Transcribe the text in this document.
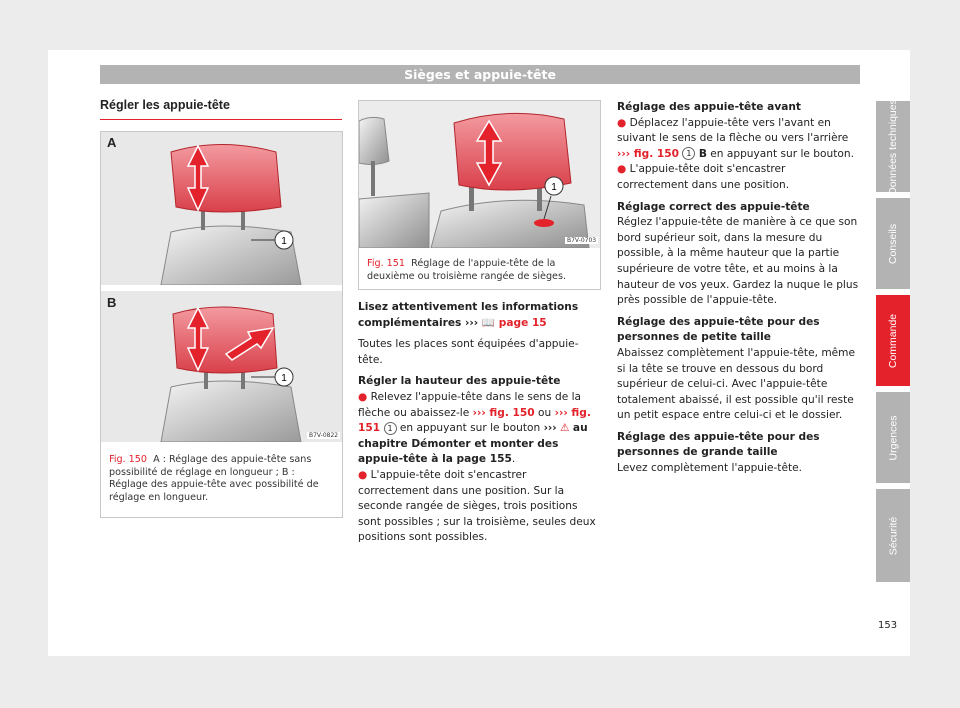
Sièges et appuie-tête
Données techniques
Conseils
Commande
Urgences
Sécurité
Régler les appuie-tête
1
1
A
B
B7V-0822
Fig. 150 A : Réglage des appuie-tête sans possibilité de réglage en longueur ; B : Réglage des appuie-tête avec possibilité de réglage en longueur.
1
B7V-0703
Fig. 151 Réglage de l'appuie-tête de la deuxième ou troisième rangée de sièges.

Lisez attentivement les informations complémentaires ››› 📖 page 15

Toutes les places sont équipées d'appuie-tête.

Régler la hauteur des appuie-tête

● Relevez l'appuie-tête dans le sens de la flèche ou abaissez-le ››› fig. 150 ou ››› fig. 151 1 en appuyant sur le bouton ››› ⚠ au chapitre Démonter et monter des appuie-tête à la page 155.

● L'appuie-tête doit s'encastrer correctement dans une position. Sur la seconde rangée de sièges, trois positions sont possibles ; sur la troisième, seules deux positions sont possibles.

Réglage des appuie-tête avant

● Déplacez l'appuie-tête vers l'avant en suivant le sens de la flèche ou vers l'arrière ››› fig. 150 1 B en appuyant sur le bouton.

● L'appuie-tête doit s'encastrer correctement dans une position.

Réglage correct des appuie-tête

Réglez l'appuie-tête de manière à ce que son bord supérieur soit, dans la mesure du possible, à la même hauteur que la partie supérieure de votre tête, et au moins à la hauteur de vos yeux. Gardez la nuque le plus près possible de l'appuie-tête.

Réglage des appuie-tête pour des personnes de petite taille

Abaissez complètement l'appuie-tête, même si la tête se trouve en dessous du bord supérieur de celui-ci. Avec l'appuie-tête totalement abaissé, il est possible qu'il reste un petit espace entre celui-ci et le dossier.

Réglage des appuie-tête pour des personnes de grande taille

Levez complètement l'appuie-tête.

153
